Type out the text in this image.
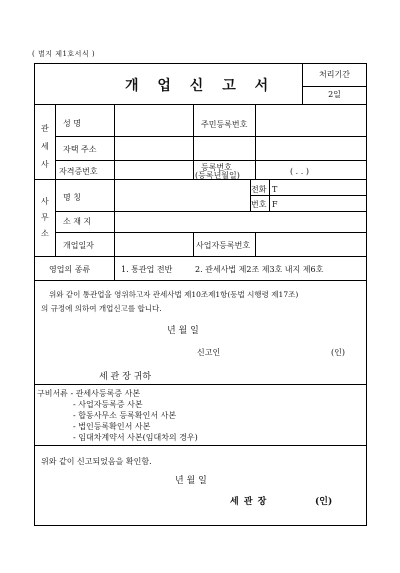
( 별지 제1호서식 )
개 업 신 고 서
처리기간
2일
관
세
사
성 명	주민등록번호
자택 주소
자격증번호	등록번호
(등록년월일)	( . . )
사
무
소
명 칭
전화 T
번호 F
소 재 지
개업일자	사업자등록번호
영업의 종류	1. 통관업 전반	2. 관세사법 제2조 제3호 내지 제6호
위와 같이 통관업을 영위하고자 관세사법 제10조제1항(동법 시행령 제17조)
의 규정에 의하여 개업신고를 합니다.
년 월 일
신고인	(인)
세 관 장 귀하
구비서류 - 관세사등록증 사본
- 사업자등록증 사본
- 합동사무소 등록확인서 사본
- 법인등록확인서 사본
- 임대차계약서 사본(임대차의 경우)
위와 같이 신고되었음을 확인함.
년 월 일
세 관 장	(인)
